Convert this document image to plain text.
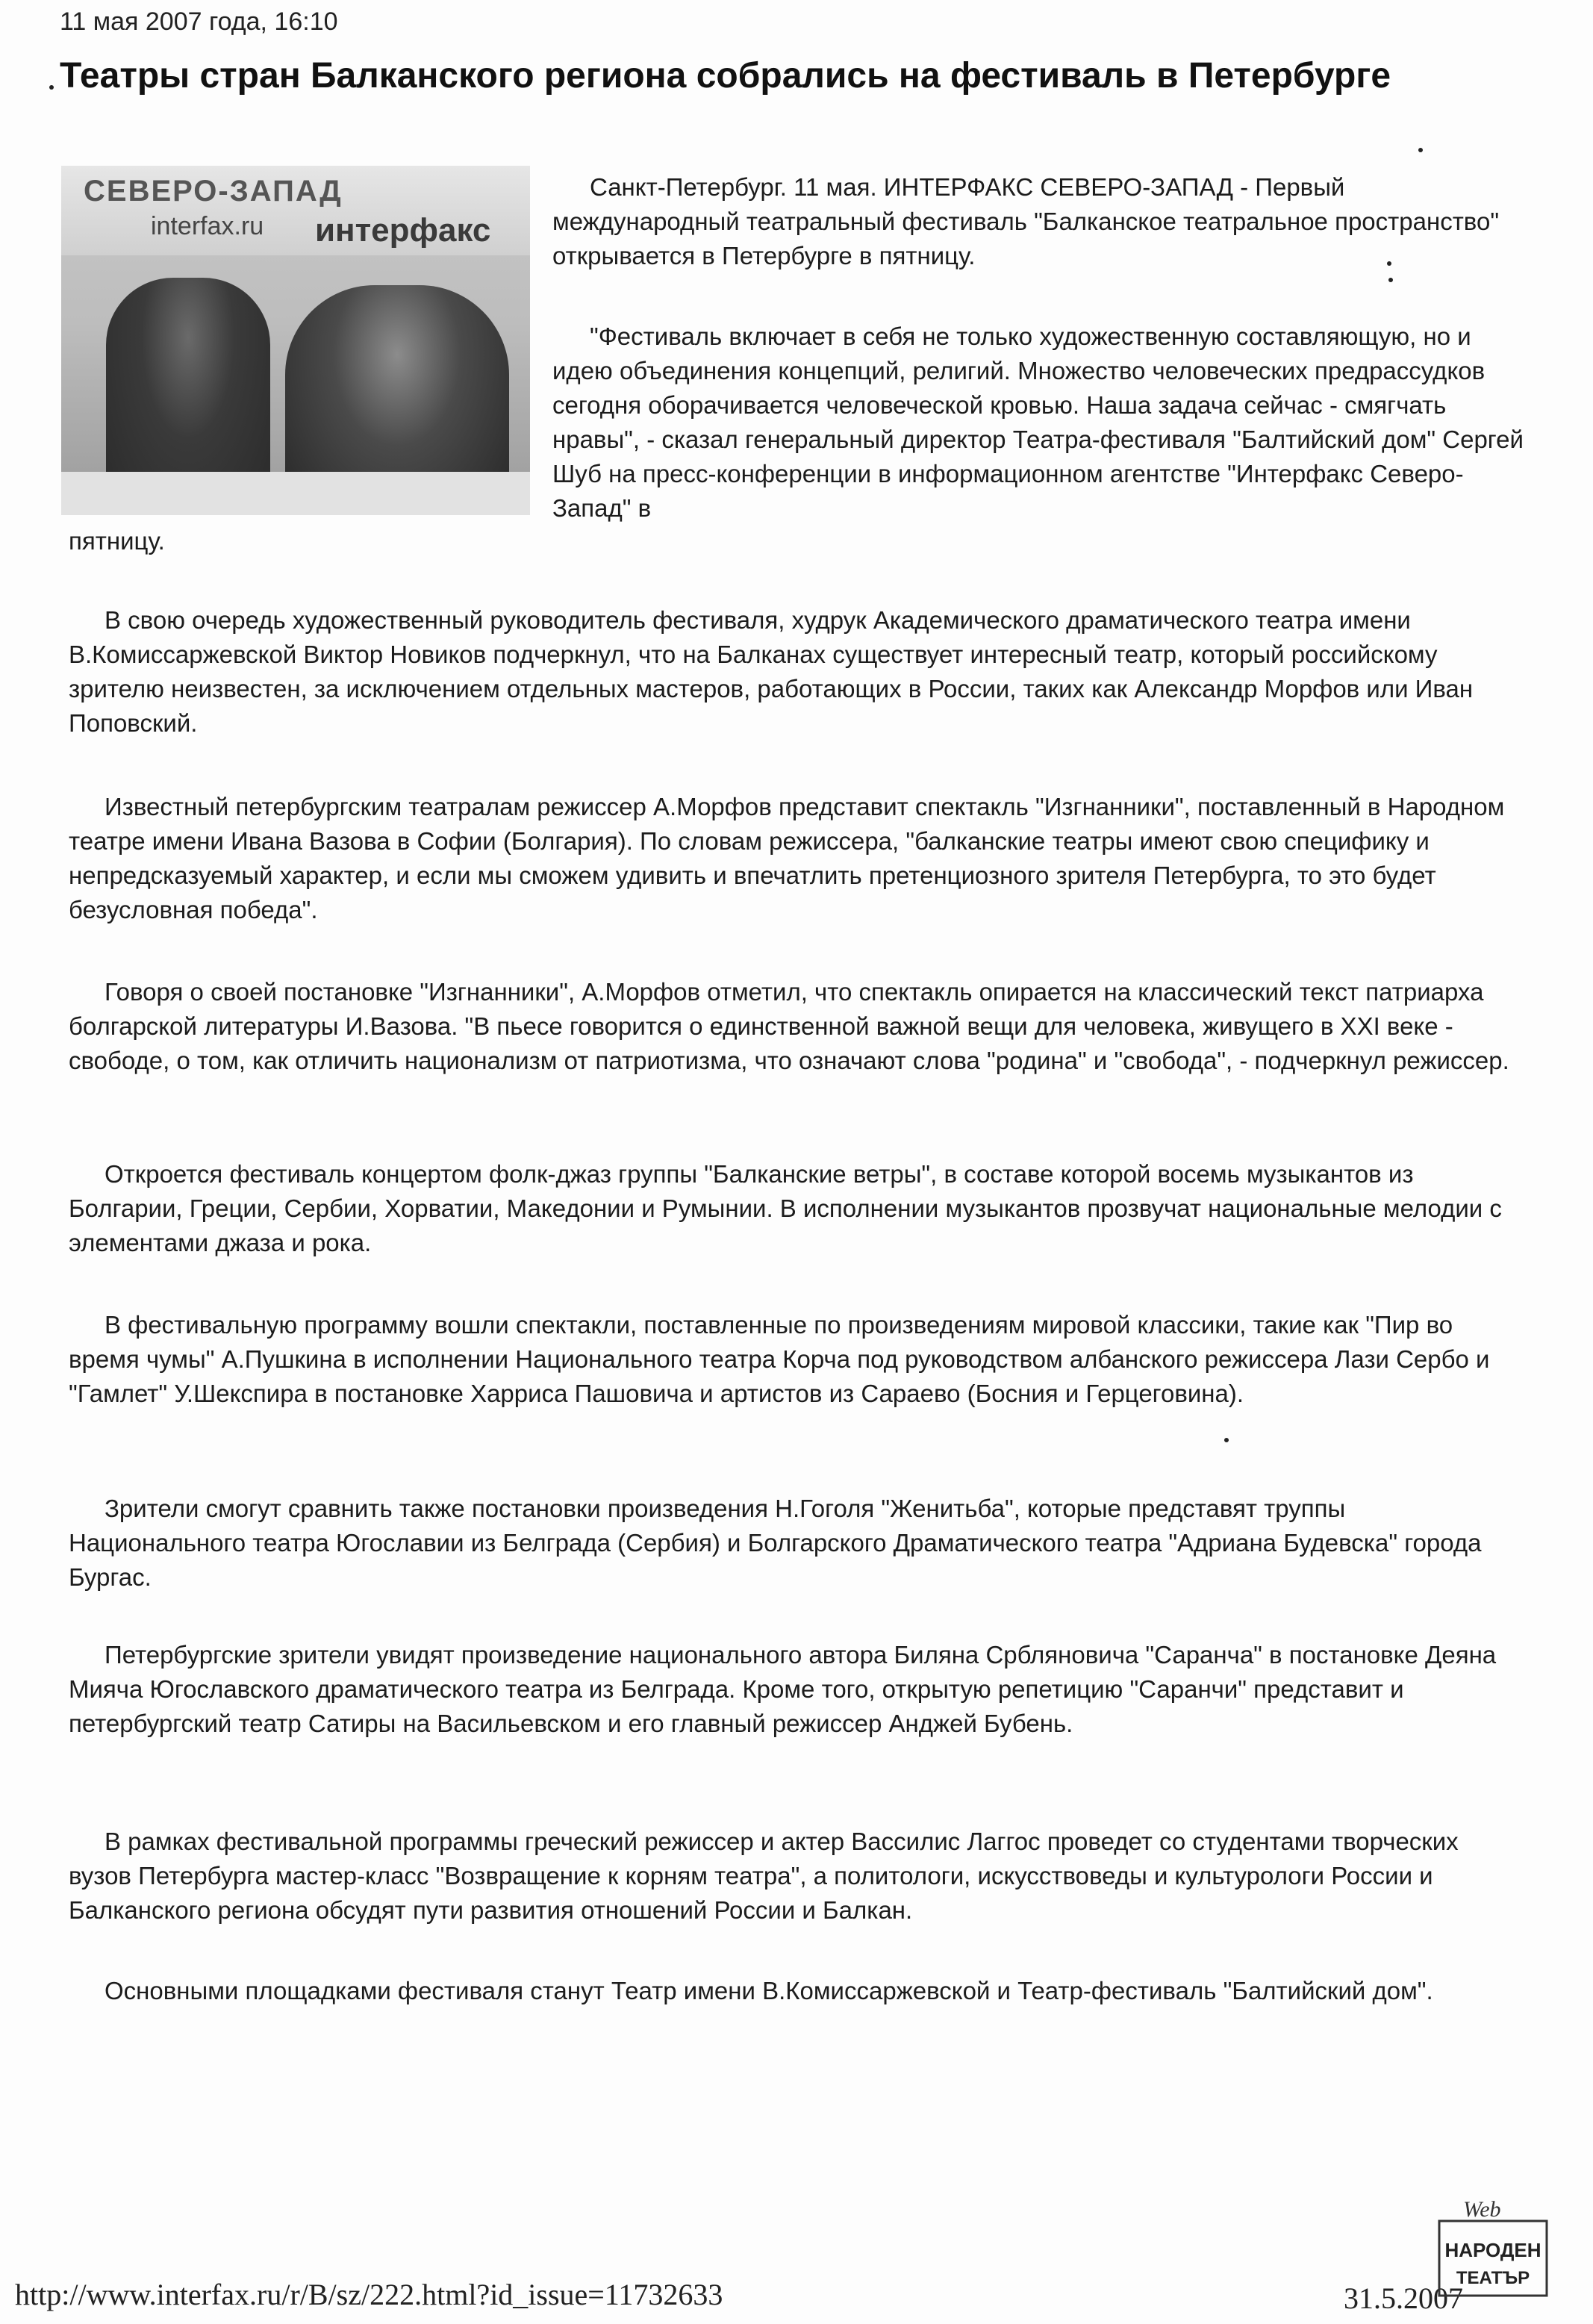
11 мая 2007 года, 16:10
Театры стран Балканского региона собрались на фестиваль в Петербурге
СЕВЕРО-ЗАПАД
interfax.ru интерфакс
Санкт-Петербург. 11 мая. ИНТЕРФАКС СЕВЕРО-ЗАПАД - Первый международный театральный фестиваль "Балканское театральное пространство" открывается в Петербурге в пятницу.
"Фестиваль включает в себя не только художественную составляющую, но и идею объединения концепций, религий. Множество человеческих предрассудков сегодня оборачивается человеческой кровью. Наша задача сейчас - смягчать нравы", - сказал генеральный директор Театра-фестиваля "Балтийский дом" Сергей Шуб на пресс-конференции в информационном агентстве "Интерфакс Северо-Запад" в
пятницу.
В свою очередь художественный руководитель фестиваля, худрук Академического драматического театра имени В.Комиссаржевской Виктор Новиков подчеркнул, что на Балканах существует интересный театр, который российскому зрителю неизвестен, за исключением отдельных мастеров, работающих в России, таких как Александр Морфов или Иван Поповский.
Известный петербургским театралам режиссер А.Морфов представит спектакль "Изгнанники", поставленный в Народном театре имени Ивана Вазова в Софии (Болгария). По словам режиссера, "балканские театры имеют свою специфику и непредсказуемый характер, и если мы сможем удивить и впечатлить претенциозного зрителя Петербурга, то это будет безусловная победа".
Говоря о своей постановке "Изгнанники", А.Морфов отметил, что спектакль опирается на классический текст патриарха болгарской литературы И.Вазова. "В пьесе говорится о единственной важной вещи для человека, живущего в XXI веке - свободе, о том, как отличить национализм от патриотизма, что означают слова "родина" и "свобода", - подчеркнул режиссер.
Откроется фестиваль концертом фолк-джаз группы "Балканские ветры", в составе которой восемь музыкантов из Болгарии, Греции, Сербии, Хорватии, Македонии и Румынии. В исполнении музыкантов прозвучат национальные мелодии с элементами джаза и рока.
В фестивальную программу вошли спектакли, поставленные по произведениям мировой классики, такие как "Пир во время чумы" А.Пушкина в исполнении Национального театра Корча под руководством албанского режиссера Лази Сербо и "Гамлет" У.Шекспира в постановке Харриса Пашовича и артистов из Сараево (Босния и Герцеговина).
Зрители смогут сравнить также постановки произведения Н.Гоголя "Женитьба", которые представят труппы Национального театра Югославии из Белграда (Сербия) и Болгарского Драматического театра "Адриана Будевска" города Бургас.
Петербургские зрители увидят произведение национального автора Биляна Србляновича "Саранча" в постановке Деяна Мияча Югославского драматического театра из Белграда. Кроме того, открытую репетицию "Саранчи" представит и петербургский театр Сатиры на Васильевском и его главный режиссер Анджей Бубень.
В рамках фестивальной программы греческий режиссер и актер Вассилис Лаггос проведет со студентами творческих вузов Петербурга мастер-класс "Возвращение к корням театра", а политологи, искусствоведы и культурологи России и Балканского региона обсудят пути развития отношений России и Балкан.
Основными площадками фестиваля станут Театр имени В.Комиссаржевской и Театр-фестиваль "Балтийский дом".
http://www.interfax.ru/r/B/sz/222.html?id_issue=11732633	31.5.2007
Web
НАРОДЕН
ТЕАТЪР
